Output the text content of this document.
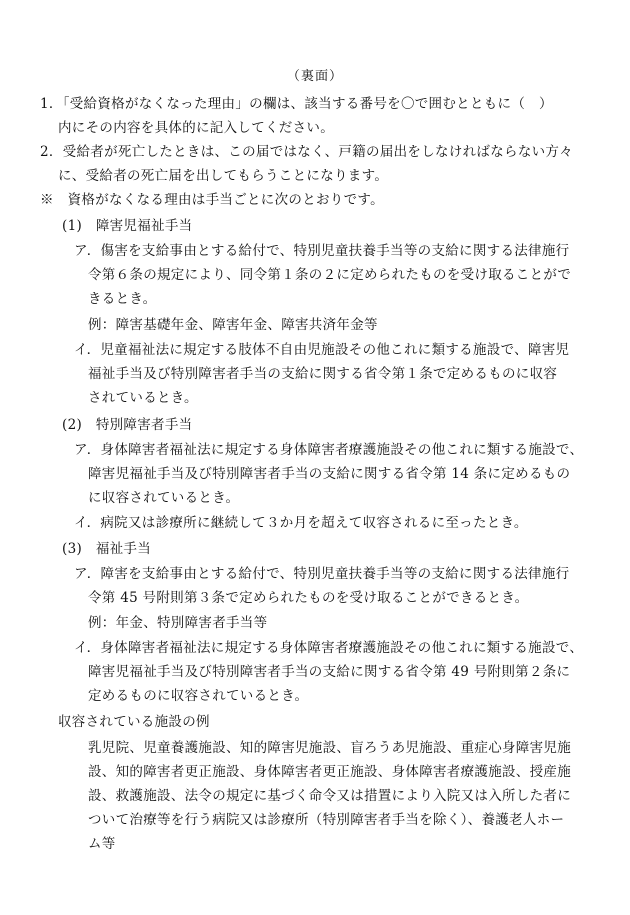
（裏面）
1．「受給資格がなくなった理由」の欄は、該当する番号を〇で囲むとともに（　）
内にその内容を具体的に記入してください。
2．受給者が死亡したときは、この届ではなく、戸籍の届出をしなければならない方々
に、受給者の死亡届を出してもらうことになります。
※　資格がなくなる理由は手当ごとに次のとおりです。
(1)　障害児福祉手当
ア．傷害を支給事由とする給付で、特別児童扶養手当等の支給に関する法律施行
令第６条の規定により、同令第１条の２に定められたものを受け取ることがで
きるとき。
例：障害基礎年金、障害年金、障害共済年金等
イ．児童福祉法に規定する肢体不自由児施設その他これに類する施設で、障害児
福祉手当及び特別障害者手当の支給に関する省令第１条で定めるものに収容
されているとき。
(2)　特別障害者手当
ア．身体障害者福祉法に規定する身体障害者療護施設その他これに類する施設で、
障害児福祉手当及び特別障害者手当の支給に関する省令第 14 条に定めるもの
に収容されているとき。
イ．病院又は診療所に継続して３か月を超えて収容されるに至ったとき。
(3)　福祉手当
ア．障害を支給事由とする給付で、特別児童扶養手当等の支給に関する法律施行
令第 45 号附則第３条で定められたものを受け取ることができるとき。
例：年金、特別障害者手当等
イ．身体障害者福祉法に規定する身体障害者療護施設その他これに類する施設で、
障害児福祉手当及び特別障害者手当の支給に関する省令第 49 号附則第２条に
定めるものに収容されているとき。
収容されている施設の例
乳児院、児童養護施設、知的障害児施設、盲ろうあ児施設、重症心身障害児施
設、知的障害者更正施設、身体障害者更正施設、身体障害者療護施設、授産施
設、救護施設、法令の規定に基づく命令又は措置により入院又は入所した者に
ついて治療等を行う病院又は診療所（特別障害者手当を除く）、養護老人ホー
ム等
